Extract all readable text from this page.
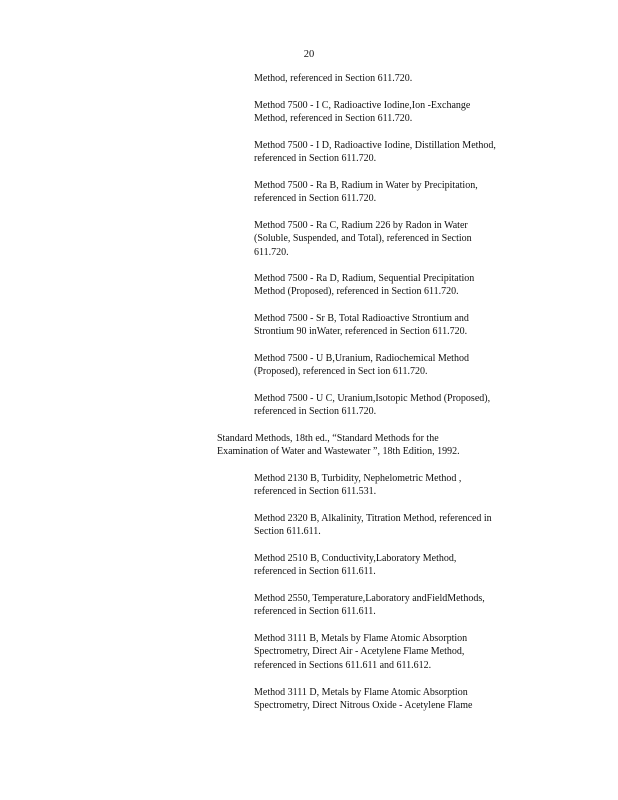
20
Method, referenced in Section 611.720.
Method 7500 - I C, Radioactive Iodine,Ion -Exchange
Method, referenced in Section 611.720.
Method 7500 - I D, Radioactive Iodine, Distillation Method,
referenced in Section 611.720.
Method 7500 - Ra B, Radium in Water by Precipitation,
referenced in Section 611.720.
Method 7500 - Ra C, Radium 226 by Radon in Water
(Soluble, Suspended, and Total), referenced in Section
611.720.
Method 7500 - Ra D, Radium, Sequential Precipitation
Method (Proposed), referenced in Section 611.720.
Method 7500 - Sr B, Total Radioactive Strontium and
Strontium 90 inWater, referenced in Section 611.720.
Method 7500 - U B,Uranium, Radiochemical Method
(Proposed), referenced in Sect ion 611.720.
Method 7500 - U C, Uranium,Isotopic Method (Proposed),
referenced in Section 611.720.
Standard Methods, 18th ed., “Standard Methods for the
Examination of Water and Wastewater ”, 18th Edition, 1992.
Method 2130 B, Turbidity, Nephelometric Method ,
referenced in Section 611.531.
Method 2320 B, Alkalinity, Titration Method, referenced in
Section 611.611.
Method 2510 B, Conductivity,Laboratory Method,
referenced in Section 611.611.
Method 2550, Temperature,Laboratory andFieldMethods,
referenced in Section 611.611.
Method 3111 B, Metals by Flame Atomic Absorption
Spectrometry, Direct Air - Acetylene Flame Method,
referenced in Sections 611.611 and 611.612.
Method 3111 D, Metals by Flame Atomic Absorption
Spectrometry, Direct Nitrous Oxide - Acetylene Flame
